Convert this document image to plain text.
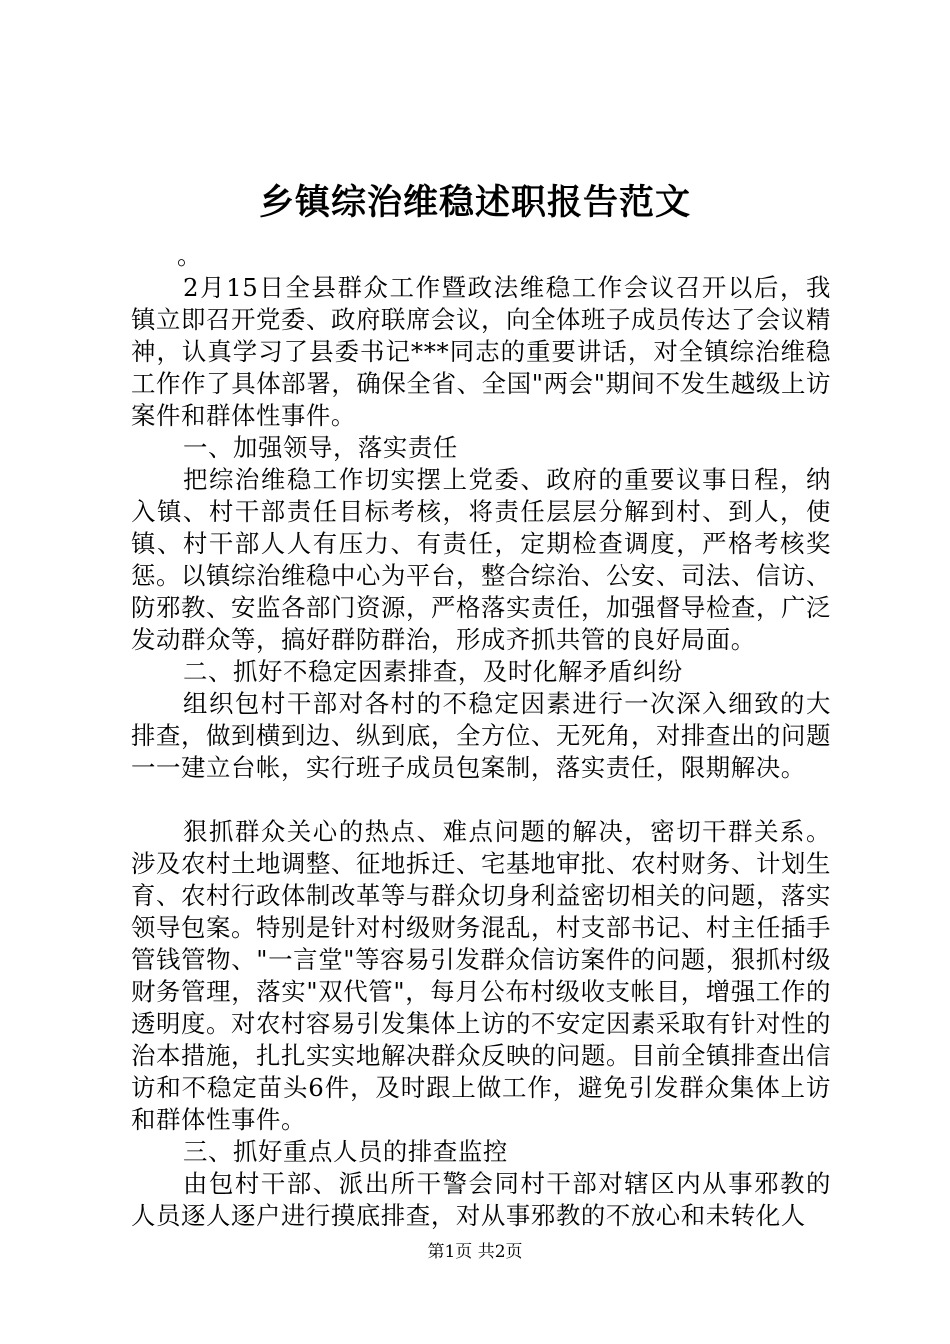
乡镇综治维稳述职报告范文

。

2月15日全县群众工作暨政法维稳工作会议召开以后，我镇立即召开党委、政府联席会议，向全体班子成员传达了会议精神，认真学习了县委书记***同志的重要讲话，对全镇综治维稳工作作了具体部署，确保全省、全国"两会"期间不发生越级上访案件和群体性事件。

一、加强领导，落实责任

把综治维稳工作切实摆上党委、政府的重要议事日程，纳入镇、村干部责任目标考核，将责任层层分解到村、到人，使镇、村干部人人有压力、有责任，定期检查调度，严格考核奖惩。以镇综治维稳中心为平台，整合综治、公安、司法、信访、防邪教、安监各部门资源，严格落实责任，加强督导检查，广泛发动群众等，搞好群防群治，形成齐抓共管的良好局面。

二、抓好不稳定因素排查，及时化解矛盾纠纷

组织包村干部对各村的不稳定因素进行一次深入细致的大排查，做到横到边、纵到底，全方位、无死角，对排查出的问题一一建立台帐，实行班子成员包案制，落实责任，限期解决。

狠抓群众关心的热点、难点问题的解决，密切干群关系。涉及农村土地调整、征地拆迁、宅基地审批、农村财务、计划生育、农村行政体制改革等与群众切身利益密切相关的问题，落实领导包案。特别是针对村级财务混乱，村支部书记、村主任插手管钱管物、"一言堂"等容易引发群众信访案件的问题，狠抓村级财务管理，落实"双代管"，每月公布村级收支帐目，增强工作的透明度。对农村容易引发集体上访的不安定因素采取有针对性的治本措施，扎扎实实地解决群众反映的问题。目前全镇排查出信访和不稳定苗头6件，及时跟上做工作，避免引发群众集体上访和群体性事件。

三、抓好重点人员的排查监控

由包村干部、派出所干警会同村干部对辖区内从事邪教的人员逐人逐户进行摸底排查，对从事邪教的不放心和未转化人

第1页 共2页
